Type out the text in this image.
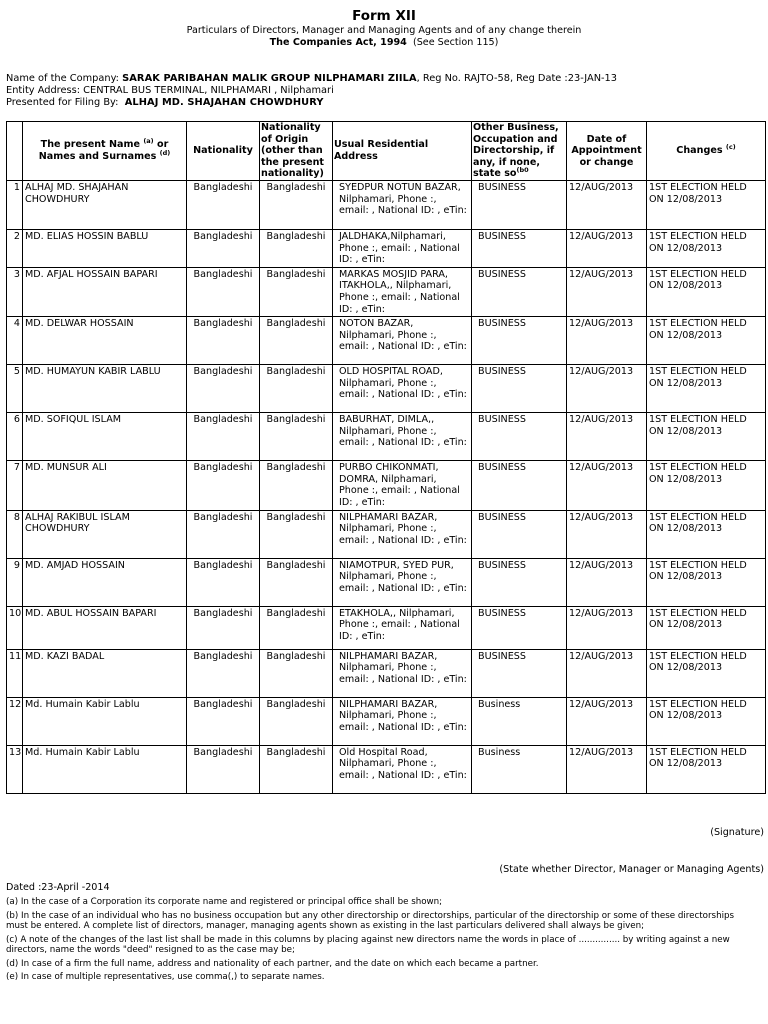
Form XII
Particulars of Directors, Manager and Managing Agents and of any change therein
The Companies Act, 1994 (See Section 115)
Name of the Company: SARAK PARIBAHAN MALIK GROUP NILPHAMARI ZIILA, Reg No. RAJTO-58, Reg Date :23-JAN-13
Entity Address: CENTRAL BUS TERMINAL, NILPHAMARI , Nilphamari
Presented for Filing By: ALHAJ MD. SHAJAHAN CHOWDHURY
	The present Name $^{(a)}$ or Names and Surnames $^{(d)}$	Nationality	Nationality of Origin (other than the present nationality)	Usual Residential Address	Other Business, Occupation and Directorship, if any, if none, state $so^{(b0}$	Date of Appointment or change	Changes $^{(c)}$
1	ALHAJ MD. SHAJAHAN CHOWDHURY	Bangladeshi	Bangladeshi	SYEDPUR NOTUN BAZAR, Nilphamari, Phone :, email: , National ID: , eTin:	BUSINESS	12/AUG/2013	1ST ELECTION HELD ON 12/08/2013
2	MD. ELIAS HOSSIN BABLU	Bangladeshi	Bangladeshi	JALDHAKA,Nilphamari, Phone :, email: , National ID: , eTin:	BUSINESS	12/AUG/2013	1ST ELECTION HELD ON 12/08/2013
3	MD. AFJAL HOSSAIN BAPARI	Bangladeshi	Bangladeshi	MARKAS MOSJID PARA, ITAKHOLA,, Nilphamari, Phone :, email: , National ID: , eTin:	BUSINESS	12/AUG/2013	1ST ELECTION HELD ON 12/08/2013
4	MD. DELWAR HOSSAIN	Bangladeshi	Bangladeshi	NOTON BAZAR, Nilphamari, Phone :, email: , National ID: , eTin:	BUSINESS	12/AUG/2013	1ST ELECTION HELD ON 12/08/2013
5	MD. HUMAYUN KABIR LABLU	Bangladeshi	Bangladeshi	OLD HOSPITAL ROAD, Nilphamari, Phone :, email: , National ID: , eTin:	BUSINESS	12/AUG/2013	1ST ELECTION HELD ON 12/08/2013
6	MD. SOFIQUL ISLAM	Bangladeshi	Bangladeshi	BABURHAT, DIMLA,, Nilphamari, Phone :, email: , National ID: , eTin:	BUSINESS	12/AUG/2013	1ST ELECTION HELD ON 12/08/2013
7	MD. MUNSUR ALI	Bangladeshi	Bangladeshi	PURBO CHIKONMATI, DOMRA, Nilphamari, Phone :, email: , National ID: , eTin:	BUSINESS	12/AUG/2013	1ST ELECTION HELD ON 12/08/2013
8	ALHAJ RAKIBUL ISLAM CHOWDHURY	Bangladeshi	Bangladeshi	NILPHAMARI BAZAR, Nilphamari, Phone :, email: , National ID: , eTin:	BUSINESS	12/AUG/2013	1ST ELECTION HELD ON 12/08/2013
9	MD. AMJAD HOSSAIN	Bangladeshi	Bangladeshi	NIAMOTPUR, SYED PUR, Nilphamari, Phone :, email: , National ID: , eTin:	BUSINESS	12/AUG/2013	1ST ELECTION HELD ON 12/08/2013
10	MD. ABUL HOSSAIN BAPARI	Bangladeshi	Bangladeshi	ETAKHOLA,, Nilphamari, Phone :, email: , National ID: , eTin:	BUSINESS	12/AUG/2013	1ST ELECTION HELD ON 12/08/2013
11	MD. KAZI BADAL	Bangladeshi	Bangladeshi	NILPHAMARI BAZAR, Nilphamari, Phone :, email: , National ID: , eTin:	BUSINESS	12/AUG/2013	1ST ELECTION HELD ON 12/08/2013
12	Md. Humain Kabir Lablu	Bangladeshi	Bangladeshi	NILPHAMARI BAZAR, Nilphamari, Phone :, email: , National ID: , eTin:	Business	12/AUG/2013	1ST ELECTION HELD ON 12/08/2013
13	Md. Humain Kabir Lablu	Bangladeshi	Bangladeshi	Old Hospital Road, Nilphamari, Phone :, email: , National ID: , eTin:	Business	12/AUG/2013	1ST ELECTION HELD ON 12/08/2013
(Signature)
(State whether Director, Manager or Managing Agents)
Dated :23-April -2014

(a) In the case of a Corporation its corporate name and registered or principal office shall be shown;

(b) In the case of an individual who has no business occupation but any other directorship or directorships, particular of the directorship or some of these directorships must be entered. A complete list of directors, manager, managing agents shown as existing in the last particulars delivered shall always be given;

(c) A note of the changes of the last list shall be made in this columns by placing against new directors name the words in place of ............... by writing against a new directors, name the words "deed" resigned to as the case may be;

(d) In case of a firm the full name, address and nationality of each partner, and the date on which each became a partner.

(e) In case of multiple representatives, use comma(,) to separate names.
